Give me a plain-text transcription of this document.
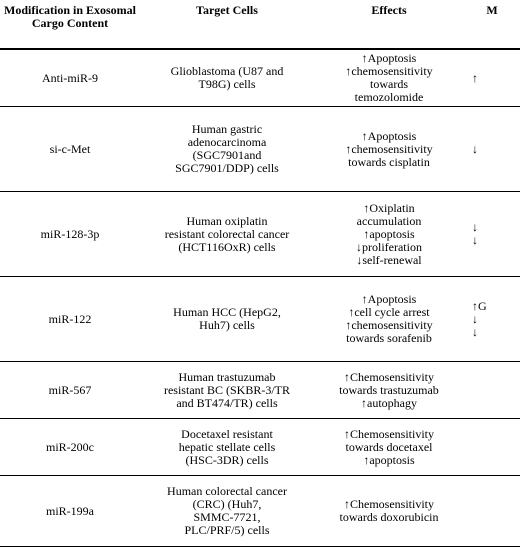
Modification in Exosomal Cargo Content	Target Cells	Effects	M
Anti-miR-9	Glioblastoma (U87 and
T98G) cells	↑Apoptosis
↑chemosensitivity
towards
temozolomide	↑

si-c-Met	Human gastric
adenocarcinoma
(SGC7901and
SGC7901/DDP) cells	↑Apoptosis
↑chemosensitivity
towards cisplatin	↓

miR-128-3p	Human oxiplatin
resistant colorectal cancer
(HCT116OxR) cells	↑Oxiplatin
accumulation
↑apoptosis
↓proliferation
↓self-renewal	↓
↓

miR-122	Human HCC (HepG2,
Huh7) cells	↑Apoptosis
↑cell cycle arrest
↑chemosensitivity
towards sorafenib	↑G
↓
↓

miR-567	Human trastuzumab
resistant BC (SKBR-3/TR
and BT474/TR) cells	↑Chemosensitivity
towards trastuzumab
↑autophagy	

miR-200c	Docetaxel resistant
hepatic stellate cells
(HSC-3DR) cells	↑Chemosensitivity
towards docetaxel
↑apoptosis	

miR-199a	Human colorectal cancer
(CRC) (Huh7,
SMMC-7721,
PLC/PRF/5) cells	↑Chemosensitivity
towards doxorubicin	
